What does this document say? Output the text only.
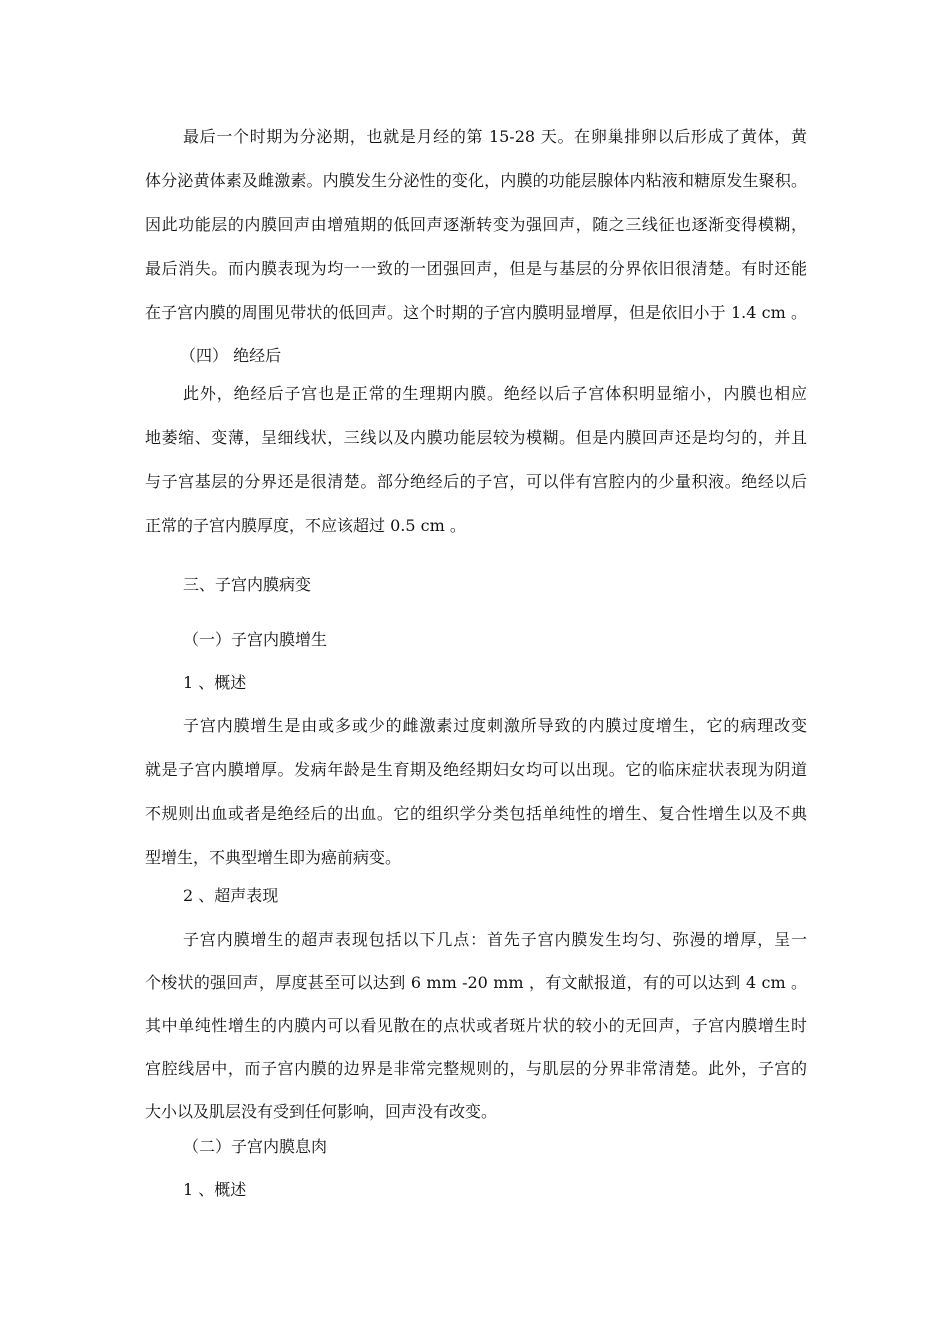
最后一个时期为分泌期，也就是月经的第 15-28 天。在卵巢排卵以后形成了黄体，黄
体分泌黄体素及雌激素。内膜发生分泌性的变化，内膜的功能层腺体内粘液和糖原发生聚积。
因此功能层的内膜回声由增殖期的低回声逐渐转变为强回声，随之三线征也逐渐变得模糊，
最后消失。而内膜表现为均一一致的一团强回声，但是与基层的分界依旧很清楚。有时还能
在子宫内膜的周围见带状的低回声。这个时期的子宫内膜明显增厚，但是依旧小于 1.4 cm 。
（四） 绝经后
此外，绝经后子宫也是正常的生理期内膜。绝经以后子宫体积明显缩小，内膜也相应
地萎缩、变薄，呈细线状，三线以及内膜功能层较为模糊。但是内膜回声还是均匀的，并且
与子宫基层的分界还是很清楚。部分绝经后的子宫，可以伴有宫腔内的少量积液。绝经以后
正常的子宫内膜厚度，不应该超过 0.5 cm 。
三、子宫内膜病变
（一）子宫内膜增生
1 、概述
子宫内膜增生是由或多或少的雌激素过度刺激所导致的内膜过度增生，它的病理改变
就是子宫内膜增厚。发病年龄是生育期及绝经期妇女均可以出现。它的临床症状表现为阴道
不规则出血或者是绝经后的出血。它的组织学分类包括单纯性的增生、复合性增生以及不典
型增生，不典型增生即为癌前病变。
2 、超声表现
子宫内膜增生的超声表现包括以下几点：首先子宫内膜发生均匀、弥漫的增厚，呈一
个梭状的强回声，厚度甚至可以达到 6 mm -20 mm ，有文献报道，有的可以达到 4 cm 。
其中单纯性增生的内膜内可以看见散在的点状或者斑片状的较小的无回声，子宫内膜增生时
宫腔线居中，而子宫内膜的边界是非常完整规则的，与肌层的分界非常清楚。此外，子宫的
大小以及肌层没有受到任何影响，回声没有改变。
（二）子宫内膜息肉
1 、概述
